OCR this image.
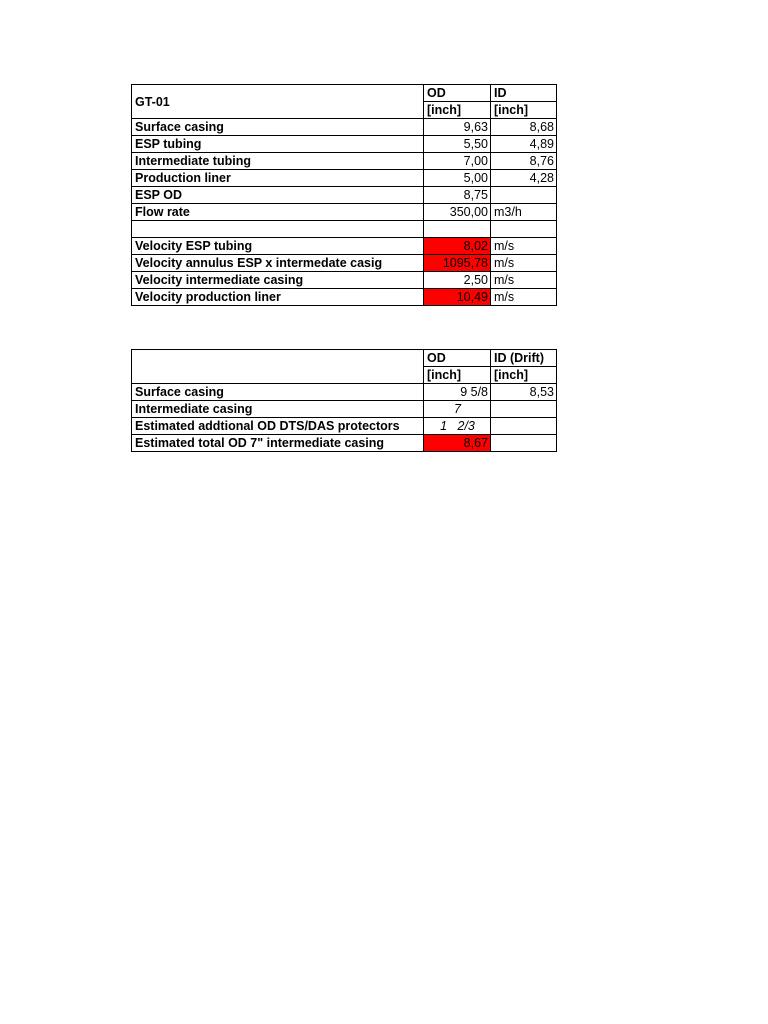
GT-01	OD	ID
	[inch]	[inch]
Surface casing	9,63	8,68
ESP tubing	5,50	4,89
Intermediate tubing	7,00	8,76
Production liner	5,00	4,28
ESP OD	8,75	
Flow rate	350,00	m3/h

Velocity ESP tubing	8,02	m/s
Velocity annulus ESP x intermedate casig	1095,78	m/s
Velocity intermediate casing	2,50	m/s
Velocity production liner	10,49	m/s
	OD	ID (Drift)
	[inch]	[inch]
Surface casing	9 5/8	8,53
Intermediate casing	7	
Estimated addtional OD DTS/DAS protectors	1   2/3	
Estimated total OD 7" intermediate casing	8,67	
